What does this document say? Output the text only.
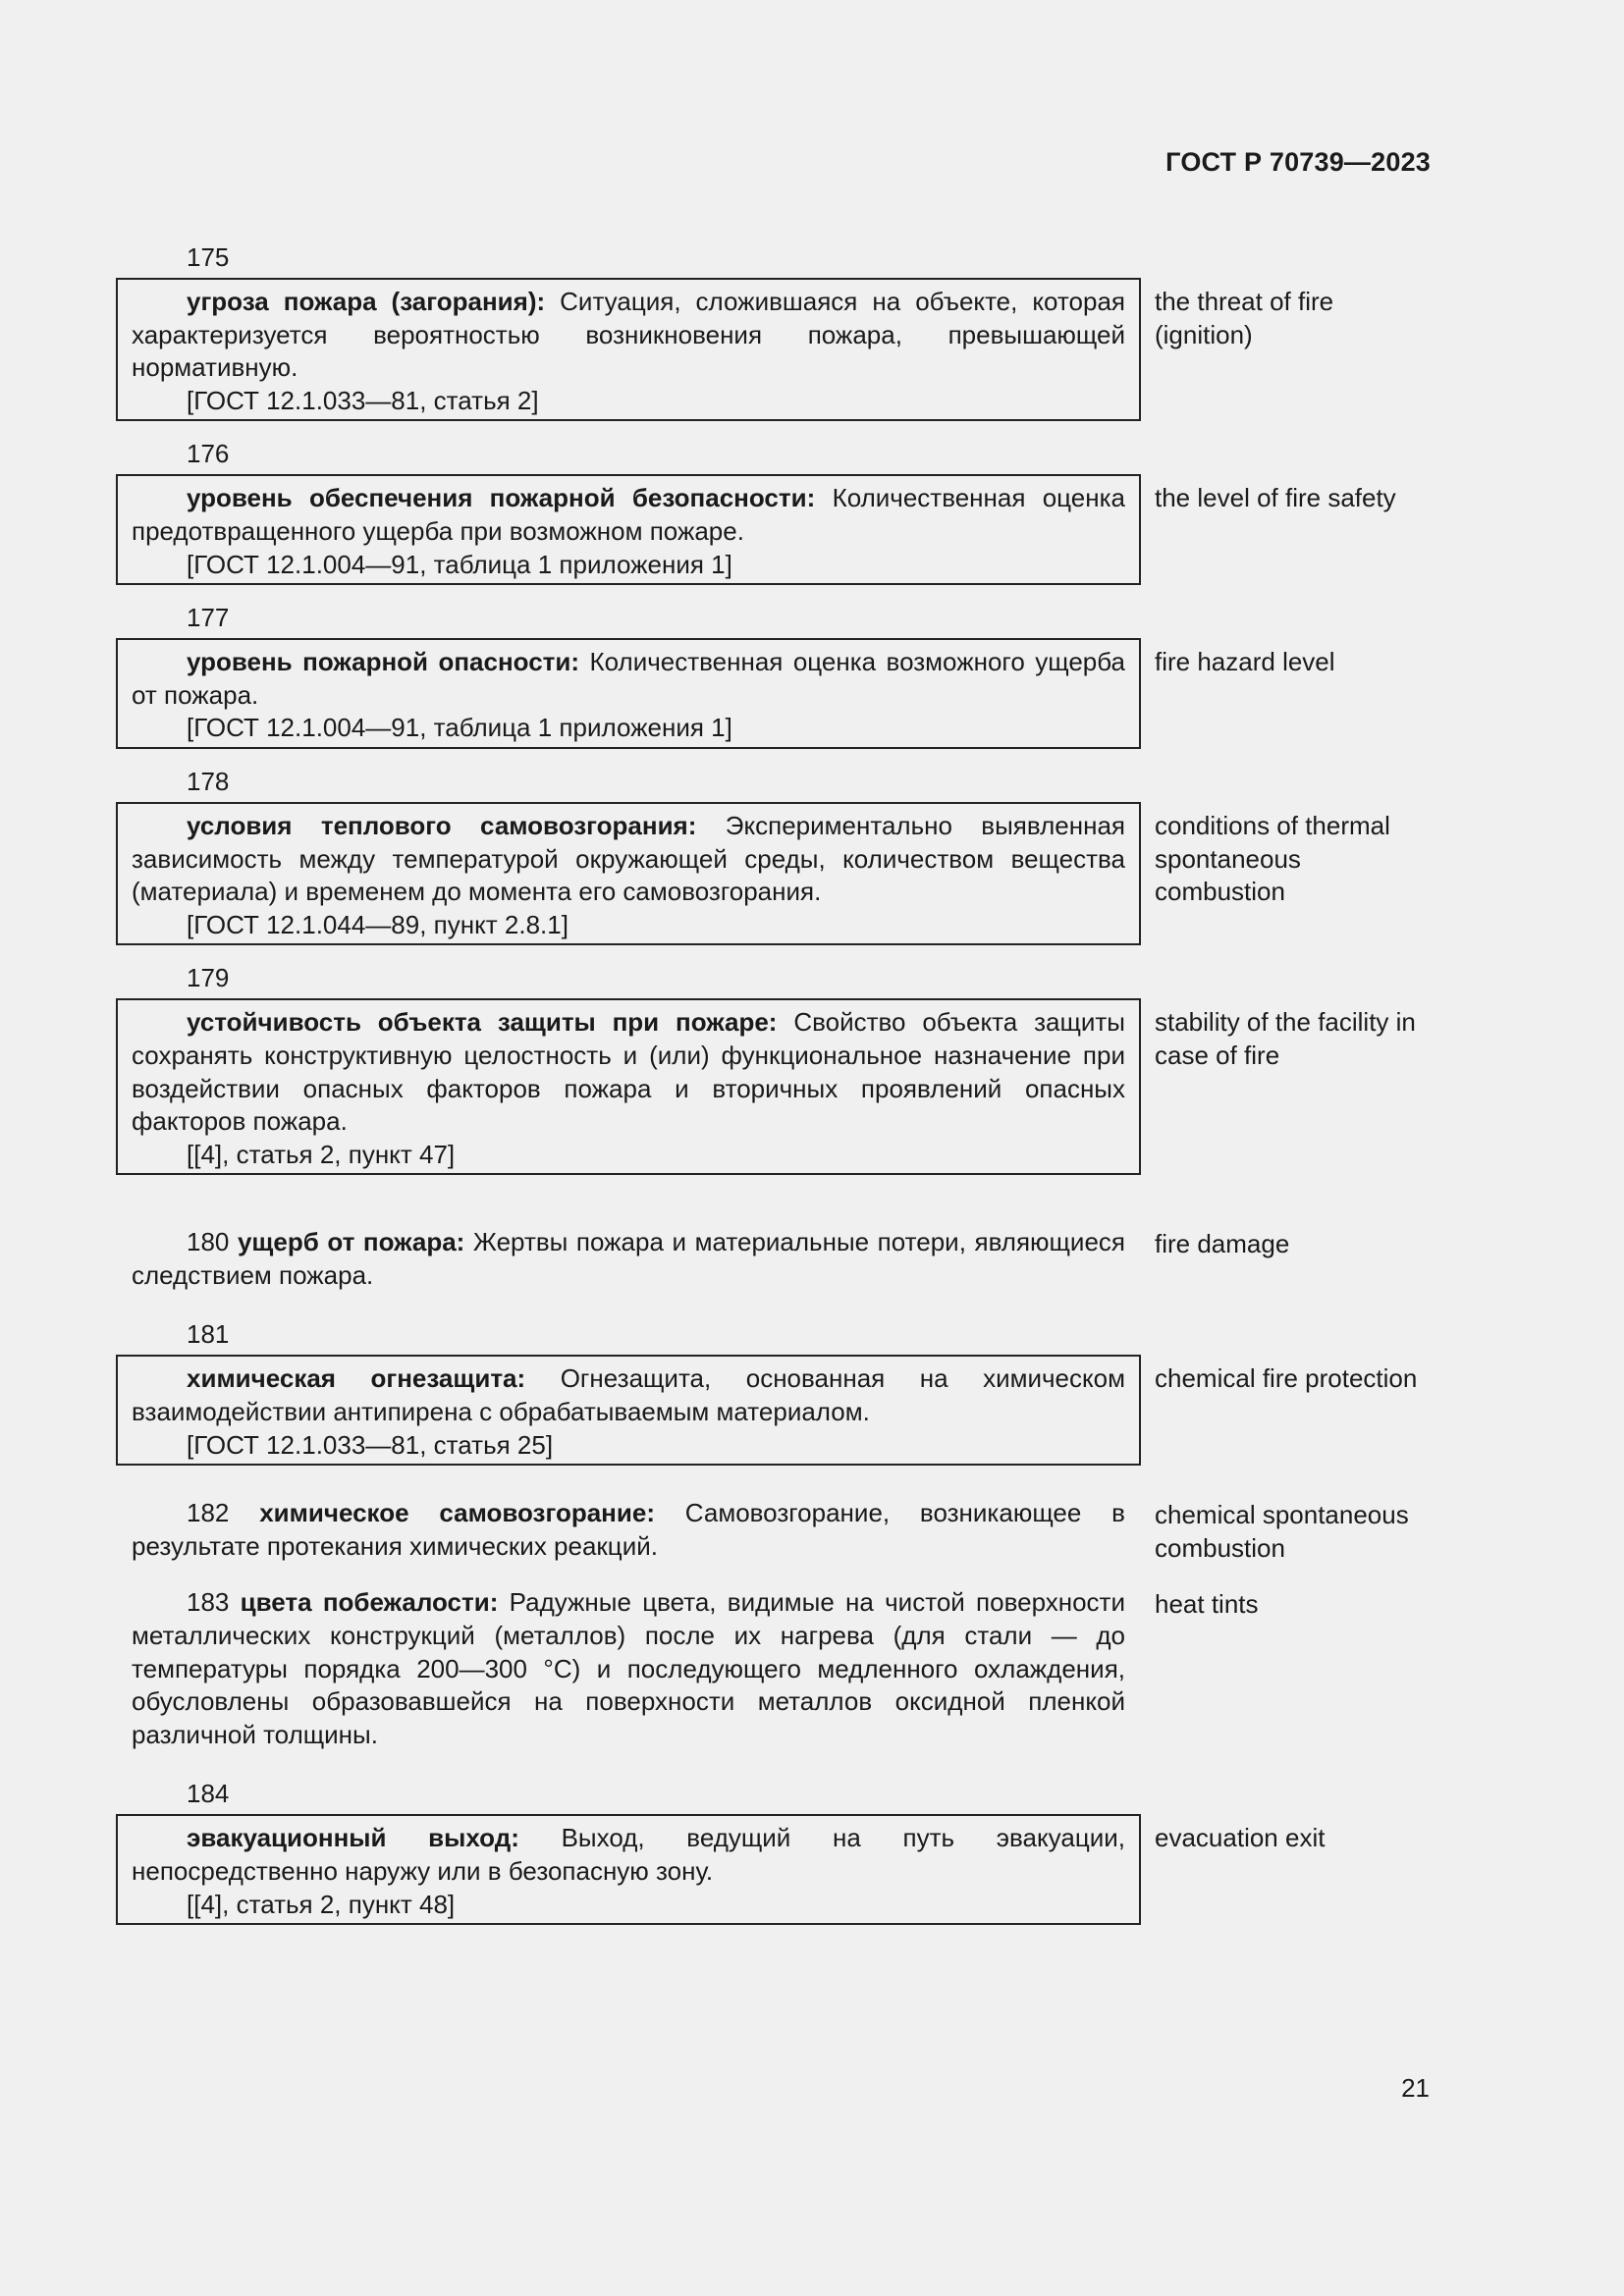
ГОСТ Р 70739—2023
175

угроза пожара (загорания): Ситуация, сложившаяся на объекте, которая характеризуется вероятностью возникновения пожара, превышающей нормативную.

[ГОСТ 12.1.033—81, статья 2]

the threat of fire (ignition)
176

уровень обеспечения пожарной безопасности: Количественная оценка предотвращенного ущерба при возможном пожаре.

[ГОСТ 12.1.004—91, таблица 1 приложения 1]

the level of fire safety
177

уровень пожарной опасности: Количественная оценка возможного ущерба от пожара.

[ГОСТ 12.1.004—91, таблица 1 приложения 1]

fire hazard level
178

условия теплового самовозгорания: Экспериментально выявленная зависимость между температурой окружающей среды, количеством вещества (материала) и временем до момента его самовозгорания.

[ГОСТ 12.1.044—89, пункт 2.8.1]

conditions of thermal spontaneous combustion
179

устойчивость объекта защиты при пожаре: Свойство объекта защиты сохранять конструктивную целостность и (или) функциональное назначение при воздействии опасных факторов пожара и вторичных проявлений опасных факторов пожара.

[[4], статья 2, пункт 47]

stability of the facility in case of fire

180 ущерб от пожара: Жертвы пожара и материальные потери, являющиеся следствием пожара.

fire damage
181

химическая огнезащита: Огнезащита, основанная на химическом взаимодействии антипирена с обрабатываемым материалом.

[ГОСТ 12.1.033—81, статья 25]

chemical fire protection

182 химическое самовозгорание: Самовозгорание, возникающее в результате протекания химических реакций.

chemical spontaneous combustion

183 цвета побежалости: Радужные цвета, видимые на чистой поверхности металлических конструкций (металлов) после их нагрева (для стали — до температуры порядка 200—300 °С) и последующего медленного охлаждения, обусловлены образовавшейся на поверхности металлов оксидной пленкой различной толщины.

heat tints
184

эвакуационный выход: Выход, ведущий на путь эвакуации, непосредственно наружу или в безопасную зону.

[[4], статья 2, пункт 48]

evacuation exit
21
